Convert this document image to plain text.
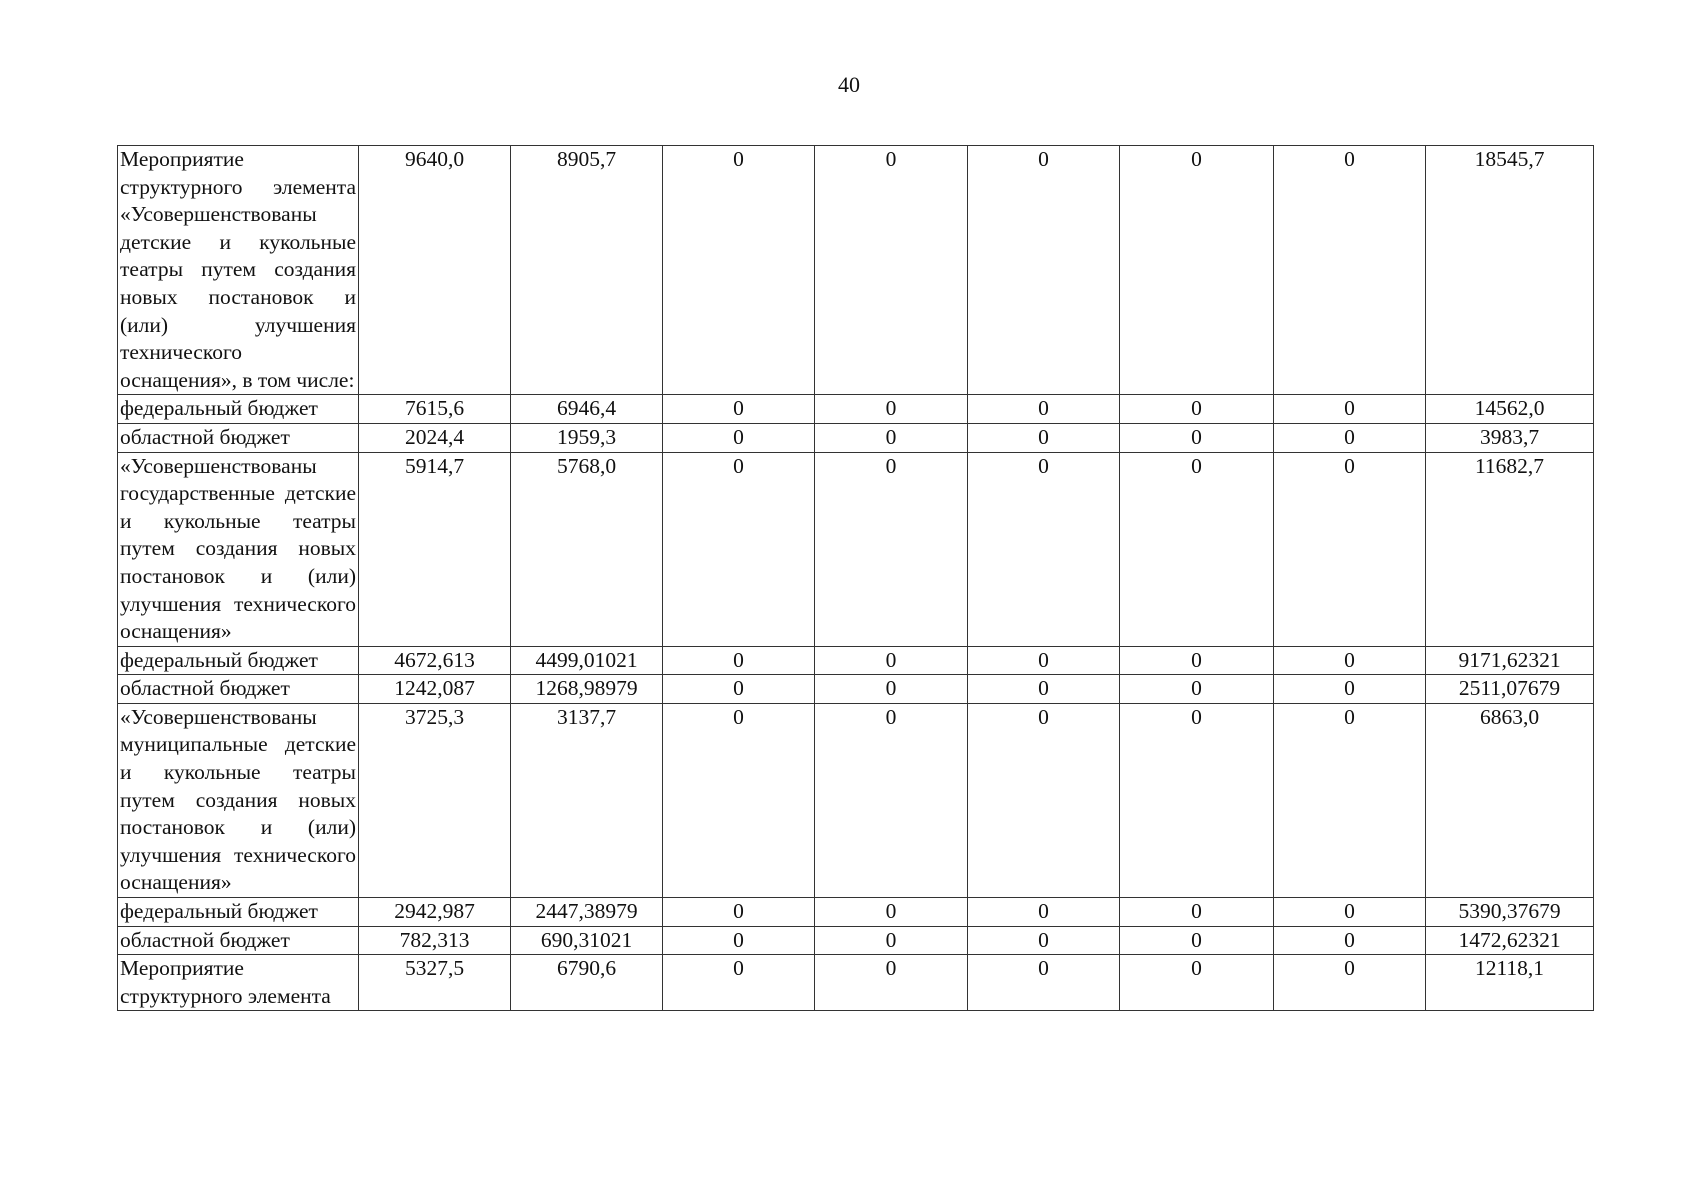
40
Мероприятие структурного элемента «Усовершенствованы детские и кукольные театры путем создания новых постановок и (или) улучшения технического оснащения», в том числе:	9640,0	8905,7	0	0	0	0	0	18545,7
федеральный бюджет	7615,6	6946,4	0	0	0	0	0	14562,0
областной бюджет	2024,4	1959,3	0	0	0	0	0	3983,7
«Усовершенствованы государственные детские и кукольные театры путем создания новых постановок и (или) улучшения технического оснащения»	5914,7	5768,0	0	0	0	0	0	11682,7
федеральный бюджет	4672,613	4499,01021	0	0	0	0	0	9171,62321
областной бюджет	1242,087	1268,98979	0	0	0	0	0	2511,07679
«Усовершенствованы муниципальные детские и кукольные театры путем создания новых постановок и (или) улучшения технического оснащения»	3725,3	3137,7	0	0	0	0	0	6863,0
федеральный бюджет	2942,987	2447,38979	0	0	0	0	0	5390,37679
областной бюджет	782,313	690,31021	0	0	0	0	0	1472,62321
Мероприятие структурного элемента	5327,5	6790,6	0	0	0	0	0	12118,1
